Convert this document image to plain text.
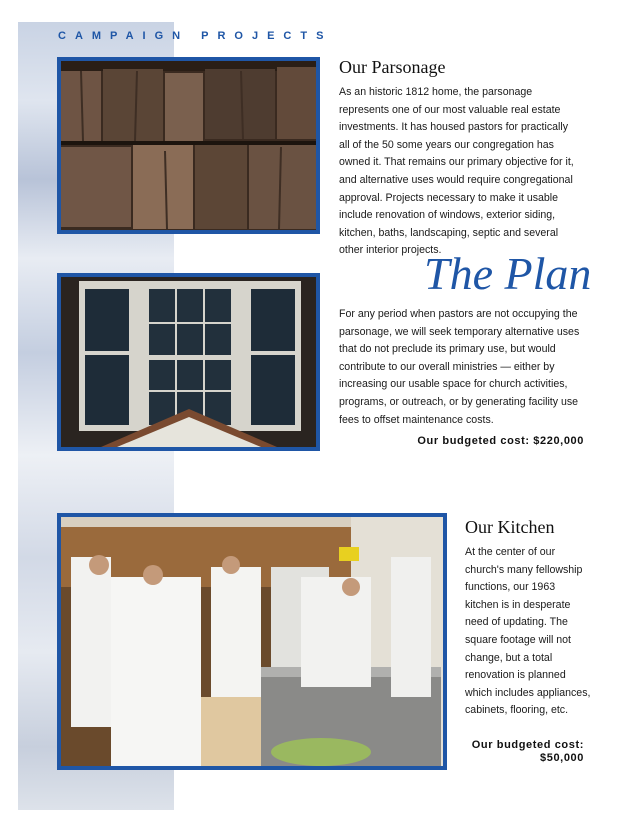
CAMPAIGN PROJECTS
Our Parsonage

As an historic 1812 home, the parsonage represents one of our most valuable real estate investments. It has housed pastors for practically all of the 50 some years our congregation has owned it. That remains our primary objective for it, and alternative uses would require congregational approval. Projects necessary to make it usable include renovation of windows, exterior siding, kitchen, baths, landscaping, septic and several other interior projects.

The Plan

For any period when pastors are not occupying the parsonage, we will seek temporary alternative uses that do not preclude its primary use, but would contribute to our overall ministries — either by increasing our usable space for church activities, programs, or outreach, or by generating facility use fees to offset maintenance costs.

Our budgeted cost: $220,000

Our Kitchen

At the center of our church's many fellowship functions, our 1963 kitchen is in desperate need of updating. The square footage will not change, but a total renovation is planned which includes appliances, cabinets, flooring, etc.

Our budgeted cost:

$50,000
